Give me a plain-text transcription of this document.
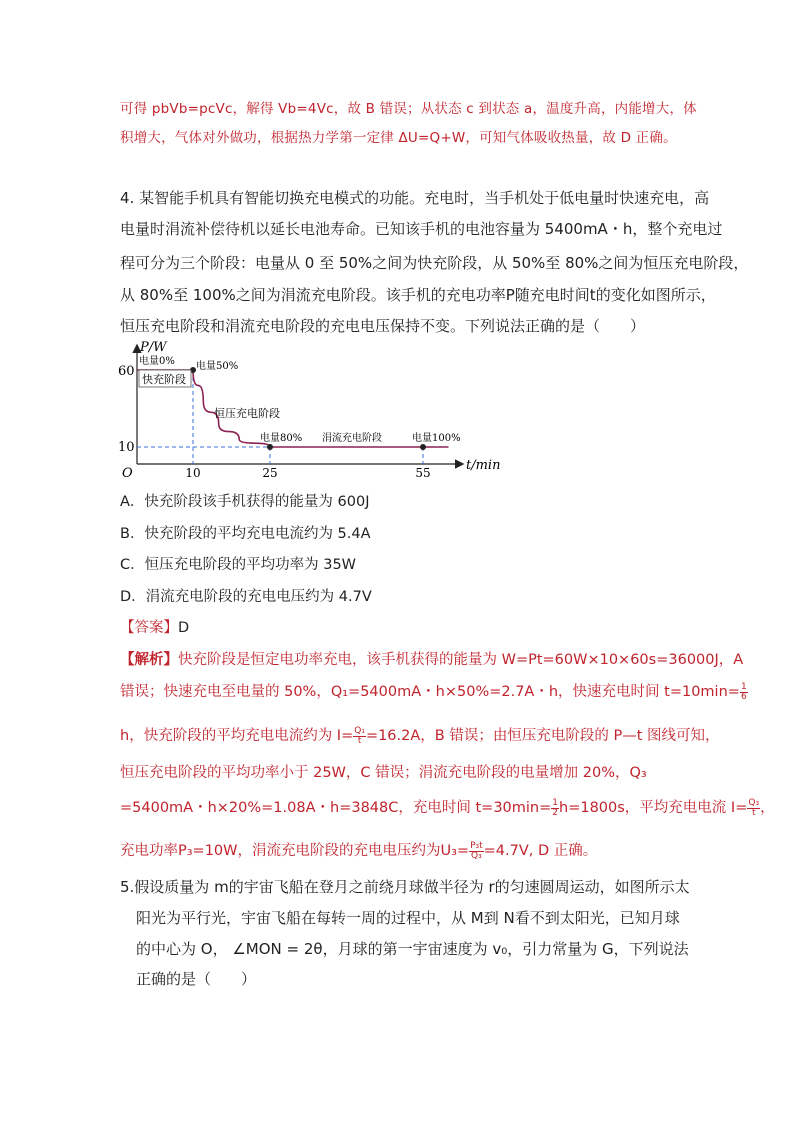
可得 pbVb=pcVc，解得 Vb=4Vc，故 B 错误；从状态 c 到状态 a，温度升高，内能增大，体
积增大，气体对外做功，根据热力学第一定律 ΔU=Q+W，可知气体吸收热量，故 D 正确。
4. 某智能手机具有智能切换充电模式的功能。充电时，当手机处于低电量时快速充电，高
电量时涓流补偿待机以延长电池寿命。已知该手机的电池容量为 5400mA・h，整个充电过
程可分为三个阶段：电量从 0 至 50%之间为快充阶段，从 50%至 80%之间为恒压充电阶段，
从 80%至 100%之间为涓流充电阶段。该手机的充电功率P随充电时间t的变化如图所示，
恒压充电阶段和涓流充电阶段的充电电压保持不变。下列说法正确的是（　　）
P/W
t/min
O	10	25	55
60
10
电量0%
快充阶段
电量50%
恒压充电阶段
电量80% 涓流充电阶段	电量100%
A．快充阶段该手机获得的能量为 600J
B．快充阶段的平均充电电流约为 5.4A
C．恒压充电阶段的平均功率为 35W
D．涓流充电阶段的充电电压约为 4.7V
【答案】D
【解析】快充阶段是恒定电功率充电，该手机获得的能量为 W=Pt=60W×10×60s=36000J，A
错误；快速充电至电量的 50%，Q₁=5400mA・h×50%=2.7A・h，快速充电时间 $t=10\min= \frac{1}{6}$
h，快充阶段的平均充电电流约为 $I= \frac{\text{Q₁}}{t} =16.2A$，B 错误；由恒压充电阶段的 P—t 图线可知，
恒压充电阶段的平均功率小于 25W，C 错误；涓流充电阶段的电量增加 20%，Q₃
=5400mA・h×20%=1.08A・h=3848C，充电时间 $t=30\min= \frac{1}{2} h=1800s$，平均充电电流 $I= \frac{\text{Q₃}}{t}$ ，
充电功率P₃=10W，涓流充电阶段的充电电压约为$U_3= \frac{\text{P₃t}}{\text{Q₃}} =4.7V$, D 正确。
5.假设质量为 m的宇宙飞船在登月之前绕月球做半径为 r的匀速圆周运动，如图所示太
阳光为平行光，宇宙飞船在每转一周的过程中，从 M到 N看不到太阳光，已知月球
的中心为 O， ∠MON = 2θ，月球的第一宇宙速度为 v₀，引力常量为 G，下列说法
正确的是（　　）
